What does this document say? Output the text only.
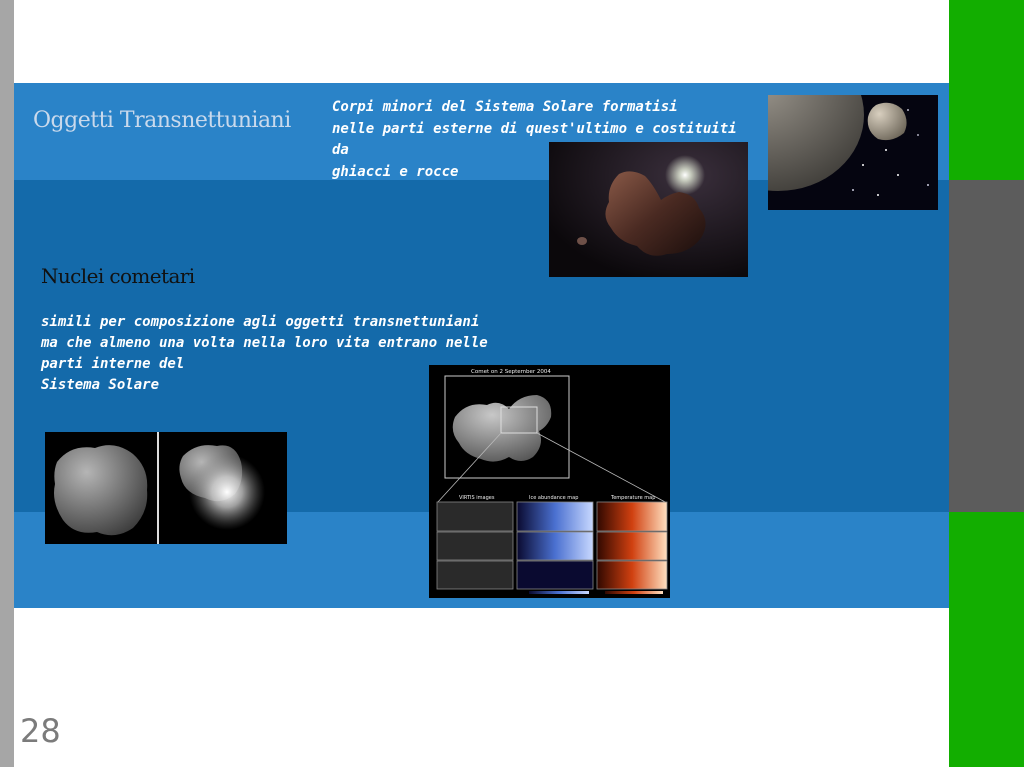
Oggetti Transnettuniani
Corpi minori del Sistema Solare formatisi
nelle parti esterne di quest'ultimo e costituiti da
ghiacci e rocce
Nuclei cometari
simili per composizione agli oggetti transnettuniani
ma che almeno una volta nella loro vita entrano nelle
parti interne del
Sistema Solare
Comet on 2 September 2004
VIRTIS images	Ice abundance map	Temperature map
28
